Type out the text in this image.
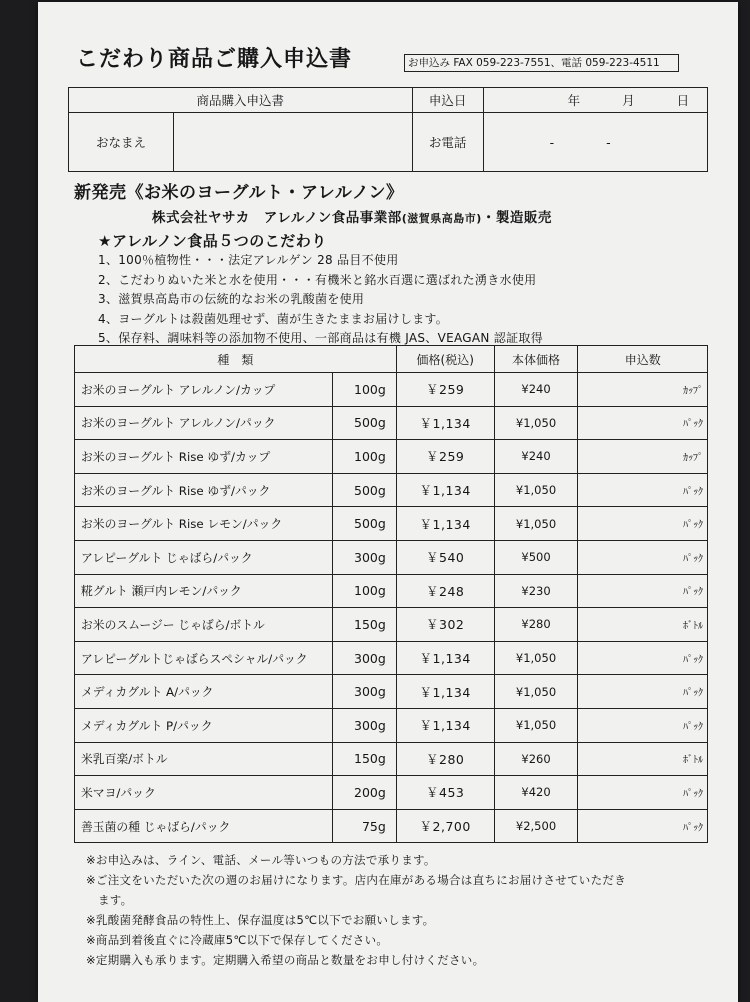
こだわり商品ご購入申込書	お申込み FAX 059-223-7551、電話 059-223-4511
商品購入申込書		申込日	年 月 日
おなまえ		お電話	- -
新発売《お米のヨーグルト・アレルノン》
株式会社ヤサカ　アレルノン食品事業部(滋賀県高島市)・製造販売
★アレルノン食品５つのこだわり
1、100％植物性・・・法定アレルゲン 28 品目不使用
2、こだわりぬいた米と水を使用・・・有機米と銘水百選に選ばれた湧き水使用
3、滋賀県高島市の伝統的なお米の乳酸菌を使用
4、ヨーグルトは殺菌処理せず、菌が生きたままお届けします。
5、保存料、調味料等の添加物不使用、一部商品は有機 JAS、VEAGAN 認証取得
種　類		価格(税込)	本体価格	申込数
お米のヨーグルト アレルノン/カップ	100g	￥259	¥240	ｶｯﾌﾟ
お米のヨーグルト アレルノン/パック	500g	￥1,134	¥1,050	ﾊﾟｯｸ
お米のヨーグルト Rise ゆず/カップ	100g	￥259	¥240	ｶｯﾌﾟ
お米のヨーグルト Rise ゆず/パック	500g	￥1,134	¥1,050	ﾊﾟｯｸ
お米のヨーグルト Rise レモン/パック	500g	￥1,134	¥1,050	ﾊﾟｯｸ
アレピーグルト じゃばら/パック	300g	￥540	¥500	ﾊﾟｯｸ
糀グルト 瀬戸内レモン/パック	100g	￥248	¥230	ﾊﾟｯｸ
お米のスムージー じゃばら/ボトル	150g	￥302	¥280	ﾎﾞﾄﾙ
アレピーグルトじゃばらスペシャル/パック	300g	￥1,134	¥1,050	ﾊﾟｯｸ
メディカグルト A/パック	300g	￥1,134	¥1,050	ﾊﾟｯｸ
メディカグルト P/パック	300g	￥1,134	¥1,050	ﾊﾟｯｸ
米乳百楽/ボトル	150g	￥280	¥260	ﾎﾞﾄﾙ
米マヨ/パック	200g	￥453	¥420	ﾊﾟｯｸ
善玉菌の種 じゃばら/パック	75g	￥2,700	¥2,500	ﾊﾟｯｸ
※お申込みは、ライン、電話、メール等いつもの方法で承ります。
※ご注文をいただいた次の週のお届けになります。店内在庫がある場合は直ちにお届けさせていただき
ます。
※乳酸菌発酵食品の特性上、保存温度は5℃以下でお願いします。
※商品到着後直ぐに冷蔵庫5℃以下で保存してください。
※定期購入も承ります。定期購入希望の商品と数量をお申し付けください。
